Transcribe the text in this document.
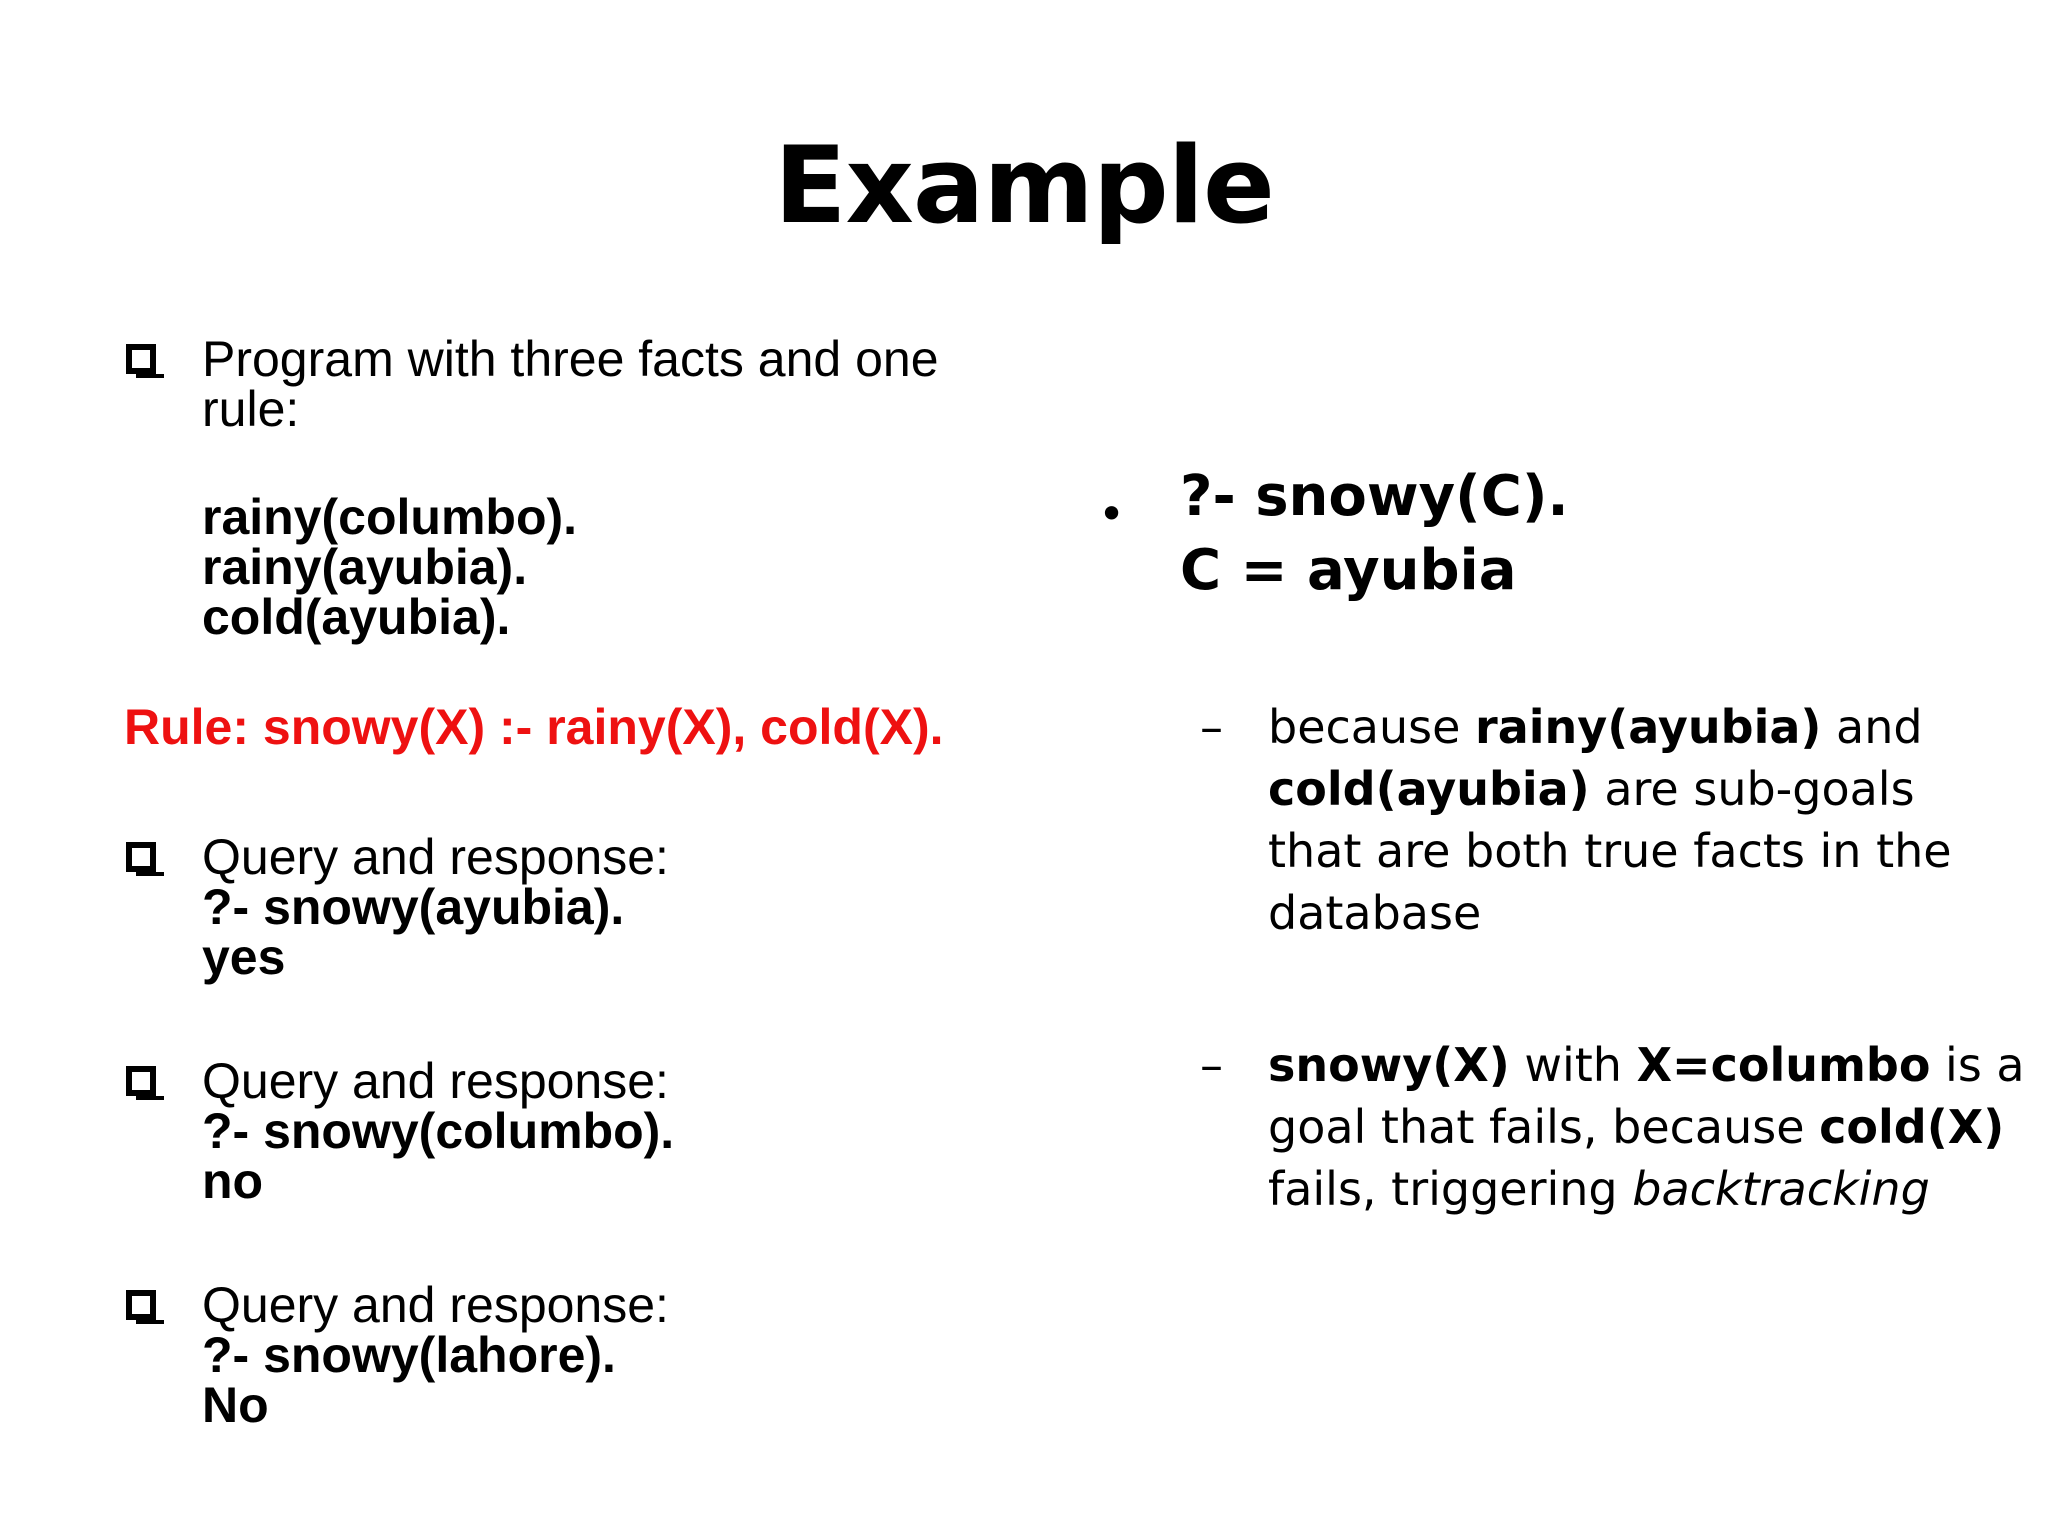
Example
Program with three facts and one
rule:
rainy(columbo).
rainy(ayubia).
cold(ayubia).
Rule: snowy(X) :- rainy(X), cold(X).
Query and response:
?- snowy(ayubia).
yes
Query and response:
?- snowy(columbo).
no
Query and response:
?- snowy(lahore).
No
• ?- snowy(C).
C = ayubia
– because rainy(ayubia) and
cold(ayubia) are sub-goals
that are both true facts in the
database
– snowy(X) with X=columbo is a
goal that fails, because cold(X)
fails, triggering backtracking
